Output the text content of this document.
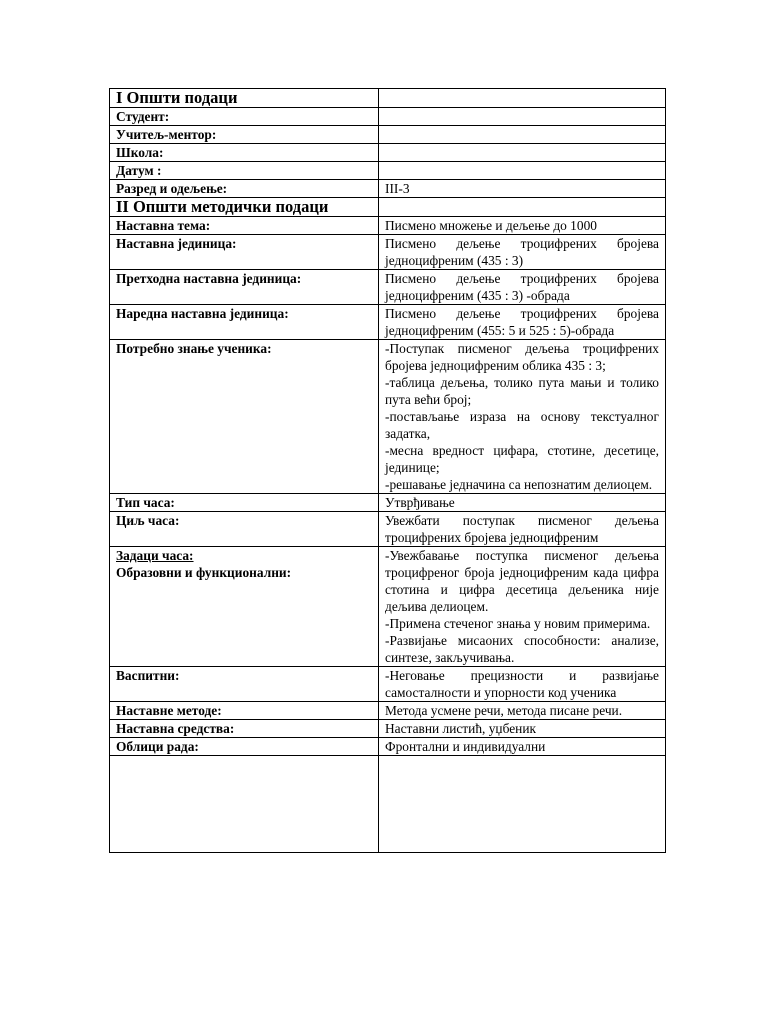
I Општи подаци	
Студент:	
Учитељ-ментор:	
Школа:	
Датум :	
Разред и одељење:	III-3
II Општи методички подаци	
Наставна тема:	Писмено множење и дељење до 1000
Наставна јединица:	Писмено дељење троцифрених бројева једноцифреним (435 : 3)
Претходна наставна јединица:	Писмено дељење троцифрених бројева једноцифреним (435 : 3) -обрада
Наредна наставна јединица:	Писмено дељење троцифрених бројева једноцифреним (455: 5 и 525 : 5)-обрада
Потребно знање ученика:	-Поступак писменог дељења троцифрених бројева једноцифреним облика 435 : 3;
-таблица дељења, толико пута мањи и толико пута већи број;
-постављање израза на основу текстуалног задатка,
-месна вредност цифара, стотине, десетице, јединице;
-решавање једначина са непознатим делиоцем.

Тип часа:	Утврђивање
Циљ часа:	Увежбати поступак писменог дељења троцифрених бројева једноцифреним

Задаци часа:
Образовни и функционални:	-Увежбавање поступка писменог дељења троцифреног броја једноцифреним када цифра стотина и цифра десетица дељеника није дељива делиоцем.
-Примена стеченог знања у новим примерима.
-Развијање мисаоних способности: анализе, синтезе, закључивања.

Васпитни:	-Неговање прецизности и развијање самосталности и упорности код ученика
Наставне методе:	Метода усмене речи, метода писане речи.
Наставна средства:	Наставни листић, уџбеник
Облици рада:	Фронтални и индивидуални
